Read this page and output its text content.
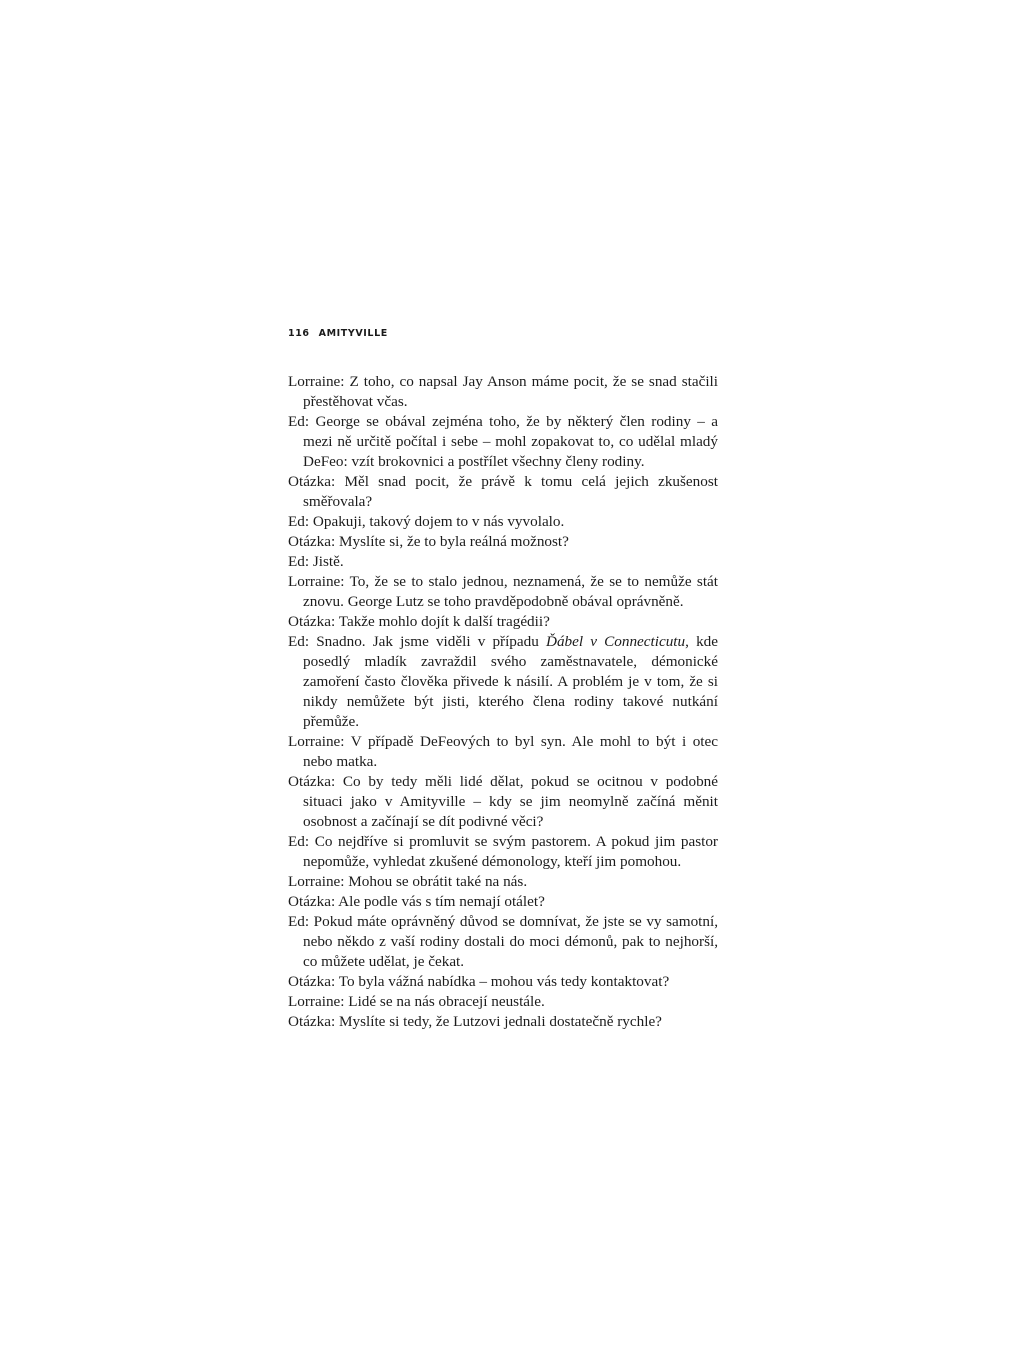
116 AMITYVILLE

Lorraine: Z toho, co napsal Jay Anson máme pocit, že se snad stačili přestěhovat včas.

Ed: George se obával zejména toho, že by některý člen rodiny – a mezi ně určitě počítal i sebe – mohl zopakovat to, co udělal mladý DeFeo: vzít brokovnici a postřílet všechny členy rodiny.

Otázka: Měl snad pocit, že právě k tomu celá jejich zkušenost směřovala?

Ed: Opakuji, takový dojem to v nás vyvolalo.

Otázka: Myslíte si, že to byla reálná možnost?

Ed: Jistě.

Lorraine: To, že se to stalo jednou, neznamená, že se to nemůže stát znovu. George Lutz se toho pravděpodobně obával oprávněně.

Otázka: Takže mohlo dojít k další tragédii?

Ed: Snadno. Jak jsme viděli v případu Ďábel v Connecticutu, kde posedlý mladík zavraždil svého zaměstnavatele, démonické zamoření často člověka přivede k násilí. A problém je v tom, že si nikdy nemůžete být jisti, kterého člena rodiny takové nutkání přemůže.

Lorraine: V případě DeFeových to byl syn. Ale mohl to být i otec nebo matka.

Otázka: Co by tedy měli lidé dělat, pokud se ocitnou v podobné situaci jako v Amityville – kdy se jim neomylně začíná měnit osobnost a začínají se dít podivné věci?

Ed: Co nejdříve si promluvit se svým pastorem. A pokud jim pastor nepomůže, vyhledat zkušené démonology, kteří jim pomohou.

Lorraine: Mohou se obrátit také na nás.

Otázka: Ale podle vás s tím nemají otálet?

Ed: Pokud máte oprávněný důvod se domnívat, že jste se vy samotní, nebo někdo z vaší rodiny dostali do moci démonů, pak to nejhorší, co můžete udělat, je čekat.

Otázka: To byla vážná nabídka – mohou vás tedy kontaktovat?

Lorraine: Lidé se na nás obracejí neustále.

Otázka: Myslíte si tedy, že Lutzovi jednali dostatečně rychle?
